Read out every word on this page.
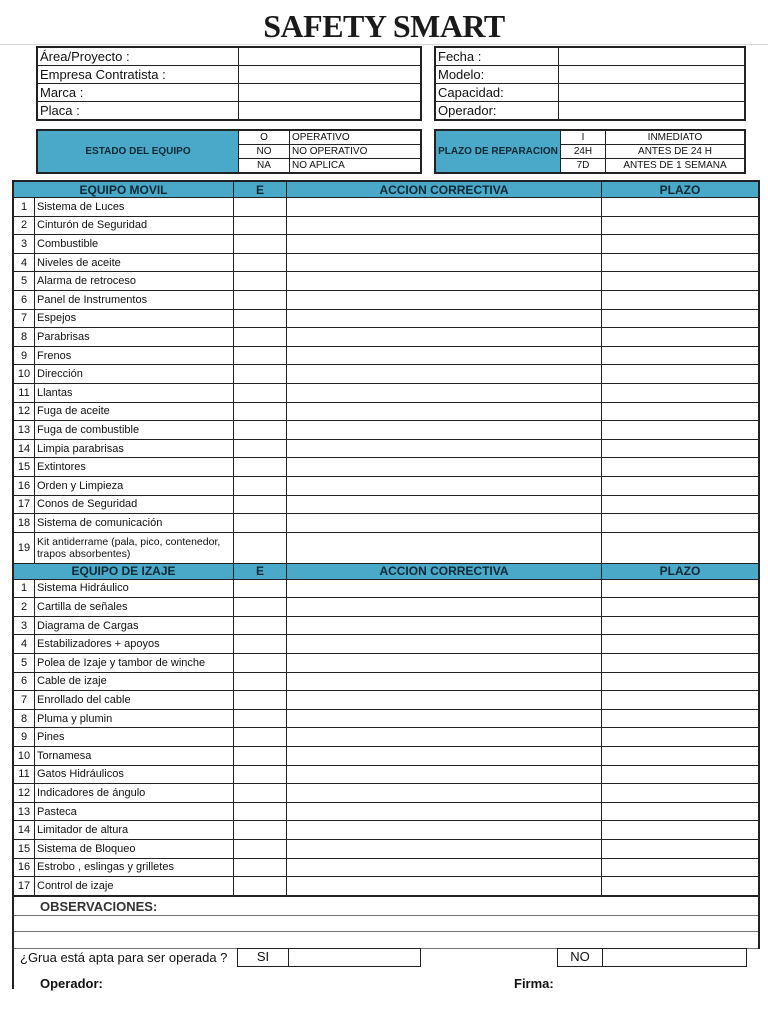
SAFETY SMART
Área/Proyecto :	
Empresa Contratista :	
Marca :	
Placa :	
Fecha :	
Modelo:	
Capacidad:	
Operador:	
ESTADO DEL EQUIPO	O	OPERATIVO
	NO	NO OPERATIVO
	NA	NO APLICA
PLAZO DE REPARACION	I	INMEDIATO
	24H	ANTES DE 24 H
	7D	ANTES DE 1 SEMANA
EQUIPO MOVIL		E	ACCION CORRECTIVA	PLAZO
1	Sistema de Luces			
2	Cinturón de Seguridad			
3	Combustible			
4	Niveles de aceite			
5	Alarma de retroceso			
6	Panel de Instrumentos			
7	Espejos			
8	Parabrisas			
9	Frenos			
10	Dirección			
11	Llantas			
12	Fuga de aceite			
13	Fuga de combustible			
14	Limpia parabrisas			
15	Extintores			
16	Orden y Limpieza			
17	Conos de Seguridad			
18	Sistema de comunicación			
19	Kit antiderrame (pala, pico, contenedor, trapos absorbentes)			
EQUIPO DE IZAJE		E	ACCION CORRECTIVA	PLAZO
1	Sistema Hidráulico			
2	Cartilla de señales			
3	Diagrama de Cargas			
4	Estabilizadores + apoyos			
5	Polea de Izaje y tambor de winche			
6	Cable de izaje			
7	Enrollado del cable			
8	Pluma y plumin			
9	Pines			
10	Tornamesa			
11	Gatos Hidráulicos			
12	Indicadores de ángulo			
13	Pasteca			
14	Limitador de altura			
15	Sistema de Bloqueo			
16	Estrobo , eslingas y grilletes			
17	Control de izaje			
OBSERVACIONES:
¿Grua está apta para ser operada ?	SI	NO
Operador:	Firma:
